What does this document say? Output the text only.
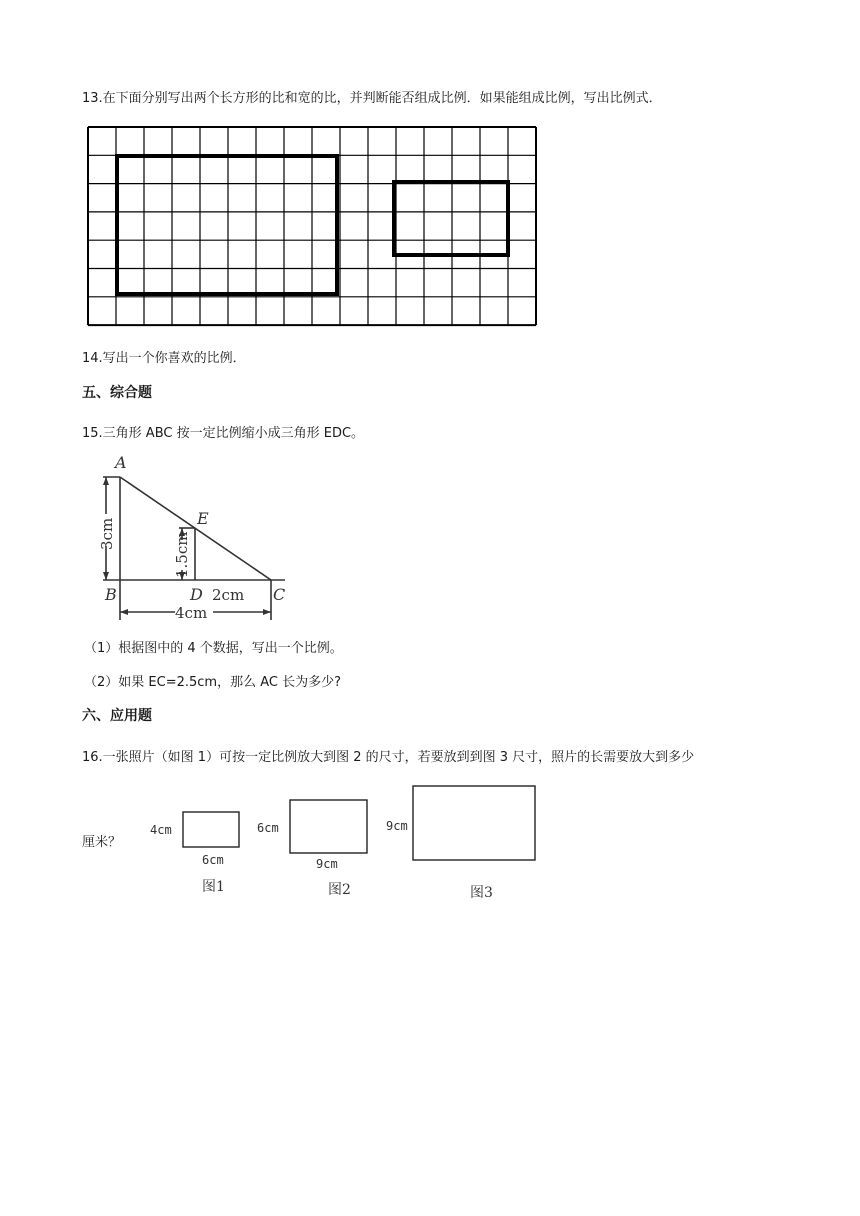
13.在下面分别写出两个长方形的比和宽的比，并判断能否组成比例．如果能组成比例，写出比例式．
14.写出一个你喜欢的比例．
五、综合题
15.三角形 ABC 按一定比例缩小成三角形 EDC。
A
B	C
D
E
3cm	1.5cm
2cm
4cm
（1）根据图中的 4 个数据，写出一个比例。
（2）如果 EC=2.5cm，那么 AC 长为多少?
六、应用题
16.一张照片（如图 1）可按一定比例放大到图 2 的尺寸，若要放到到图 3 尺寸，照片的长需要放大到多少
厘米？
4cm
6cm
图1
6cm
9cm
图2
9cm
图3
